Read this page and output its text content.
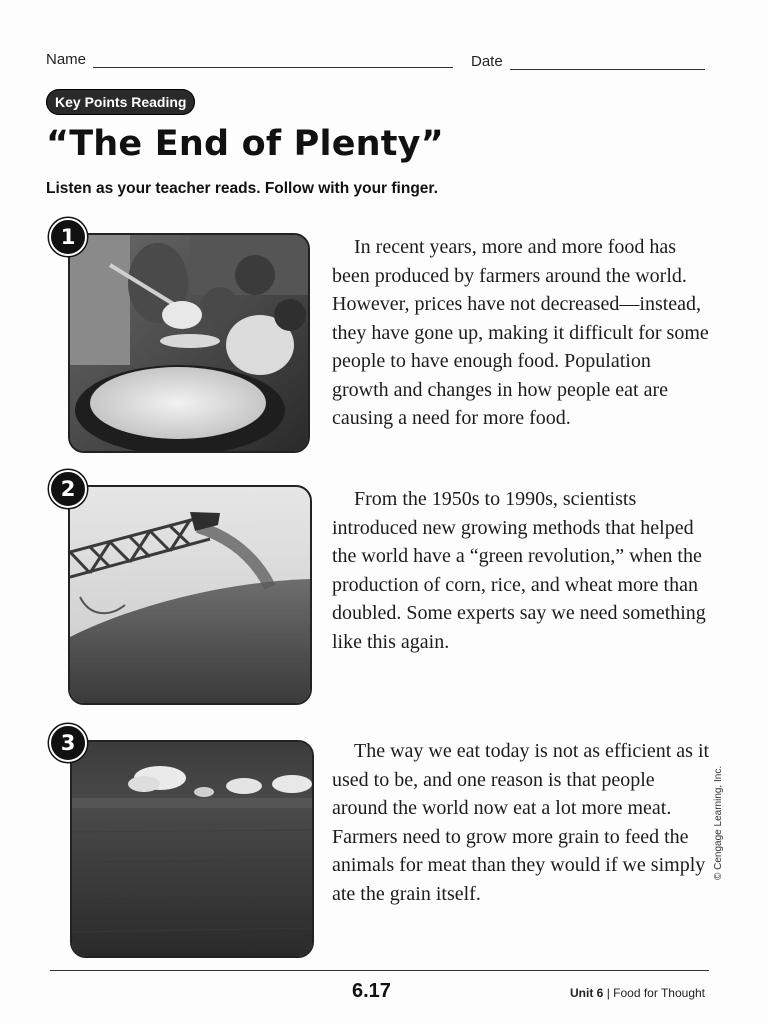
Name	Date
Key Points Reading
“The End of Plenty”
Listen as your teacher reads. Follow with your finger.
1	In recent years, more and more food has been produced by farmers around the world. However, prices have not decreased—instead, they have gone up, making it difficult for some people to have enough food. Population growth and changes in how people eat are causing a need for more food.

2	From the 1950s to 1990s, scientists introduced new growing methods that helped the world have a “green revolution,” when the production of corn, rice, and wheat more than doubled. Some experts say we need something like this again.

3	The way we eat today is not as efficient as it used to be, and one reason is that people around the world now eat a lot more meat. Farmers need to grow more grain to feed the animals for meat than they would if we simply ate the grain itself.

© Cengage Learning, Inc.
6.17	Unit 6 | Food for Thought
